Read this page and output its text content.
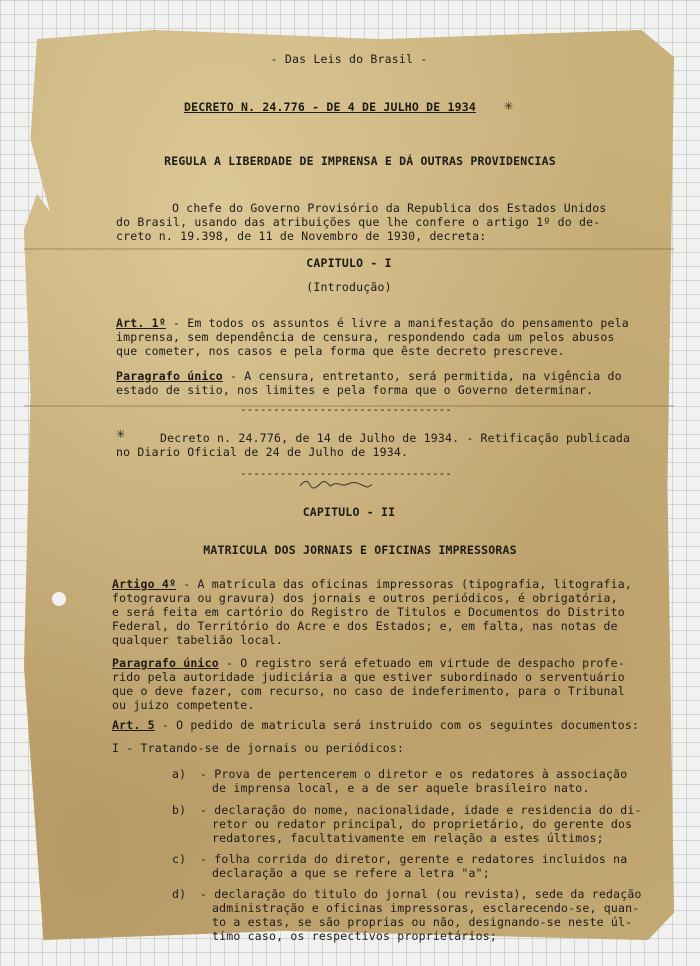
- Das Leis do Brasil -
DECRETO N. 24.776 - DE 4 DE JULHO DE 1934	✳
REGULA A LIBERDADE DE IMPRENSA E DÁ OUTRAS PROVIDENCIAS
O chefe do Governo Provisório da Republica dos Estados Unidos
do Brasil, usando das atribuições que lhe confere o artigo 1º do de-
creto n. 19.398, de 11 de Novembro de 1930, decreta:
CAPITULO - I
(Introdução)
Art. 1º - Em todos os assuntos é livre a manifestação do pensamento pela
imprensa, sem dependência de censura, respondendo cada um pelos abusos
que cometer, nos casos e pela forma que êste decreto prescreve.
Paragrafo único - A censura, entretanto, será permitida, na vigência do
estado de sitio, nos limites e pela forma que o Governo determinar.
--------------------------------
✳	Decreto n. 24.776, de 14 de Julho de 1934. - Retificação publicada
no Diario Oficial de 24 de Julho de 1934.
--------------------------------
CAPITULO - II
MATRICULA DOS JORNAIS E OFICINAS IMPRESSORAS
Artigo 4º - A matrícula das oficinas impressoras (tipografia, litografia,
fotogravura ou gravura) dos jornais e outros periódicos, é obrigatória,
e será feita em cartório do Registro de Titulos e Documentos do Distrito
Federal, do Território do Acre e dos Estados; e, em falta, nas notas de
qualquer tabelião local.
Paragrafo único - O registro será efetuado em virtude de despacho profe-
rido pela autoridade judiciária a que estiver subordinado o serventuário
que o deve fazer, com recurso, no caso de indeferimento, para o Tribunal
ou juizo competente.
Art. 5 - O pedido de matricula será instruido com os seguintes documentos:
I - Tratando-se de jornais ou periódicos:
a) - Prova de pertencerem o diretor e os redatores à associação
de imprensa local, e a de ser aquele brasileiro nato.
b) - declaração do nome, nacionalidade, idade e residencia do di-
retor ou redator principal, do proprietário, do gerente dos
redatores, facultativamente em relação a estes últimos;
c) - folha corrida do diretor, gerente e redatores incluidos na
declaração a que se refere a letra "a";
d) - declaração do titulo do jornal (ou revista), sede da redação
administração e oficinas impressoras, esclarecendo-se, quan-
to a estas, se são proprias ou não, designando-se neste úl-
timo caso, os respectivos proprietários;
